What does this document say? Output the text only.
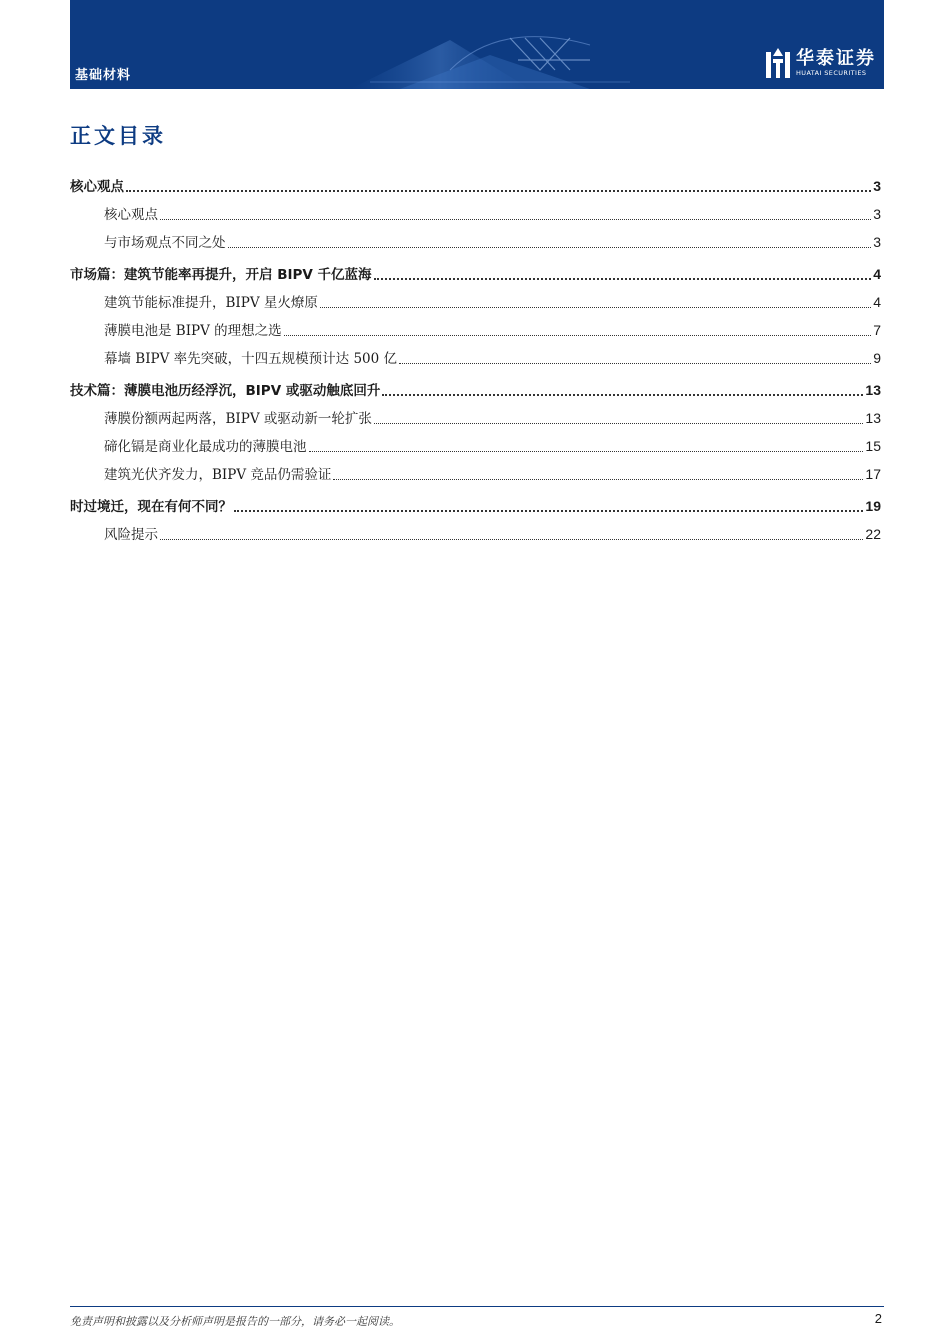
基础材料
华泰证券
HUATAI SECURITIES
正文目录
核心观点	3
核心观点	3
与市场观点不同之处	3
市场篇：建筑节能率再提升，开启 BIPV 千亿蓝海	4
建筑节能标准提升，BIPV 星火燎原	4
薄膜电池是 BIPV 的理想之选	7
幕墙 BIPV 率先突破，十四五规模预计达 500 亿	9
技术篇：薄膜电池历经浮沉，BIPV 或驱动触底回升	13
薄膜份额两起两落，BIPV 或驱动新一轮扩张	13
碲化镉是商业化最成功的薄膜电池	15
建筑光伏齐发力，BIPV 竞品仍需验证	17
时过境迁，现在有何不同？	19
风险提示	22
免责声明和披露以及分析师声明是报告的一部分，请务必一起阅读。	2
